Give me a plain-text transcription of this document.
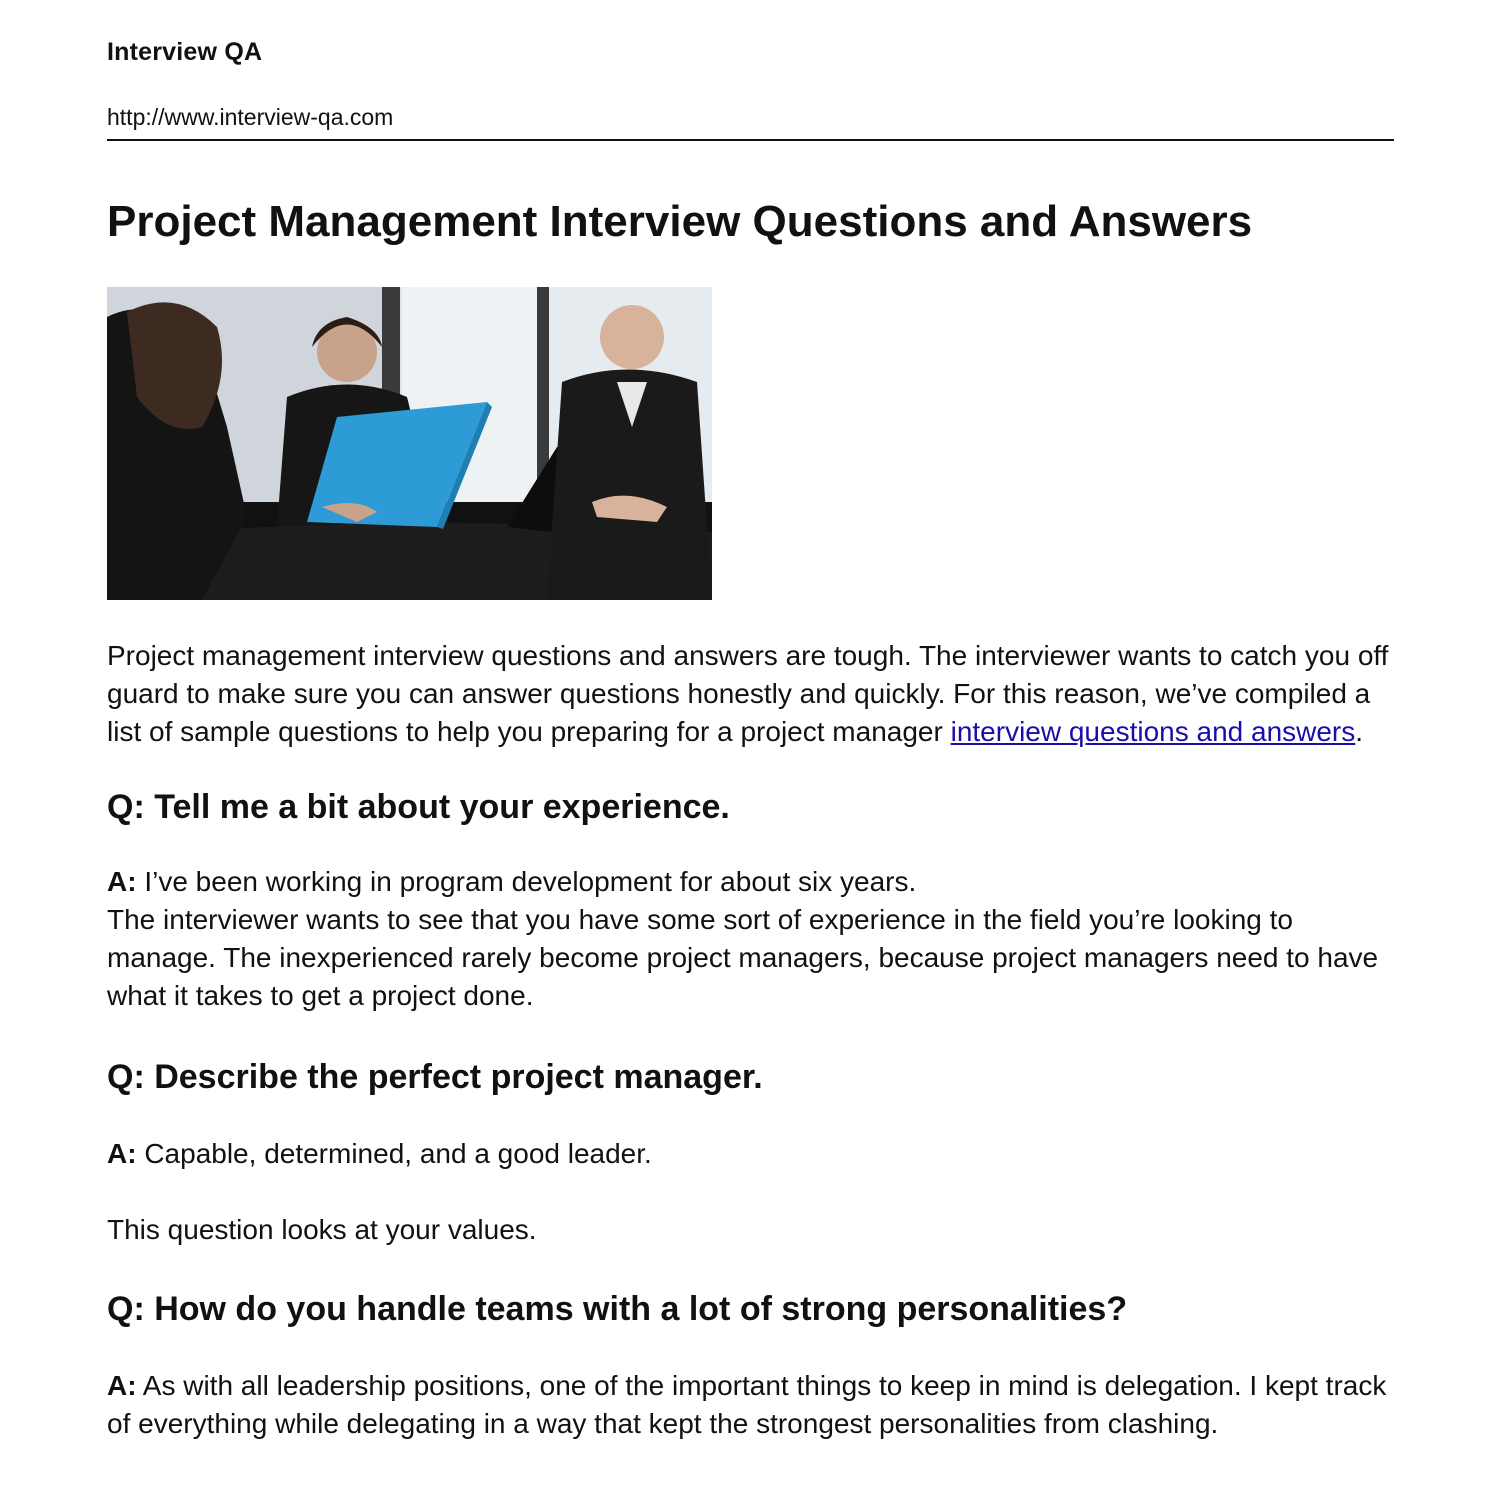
Interview QA
http://www.interview-qa.com
Project Management Interview Questions and Answers

Project management interview questions and answers are tough. The interviewer wants to catch you off guard to make sure you can answer questions honestly and quickly. For this reason, we’ve compiled a list of sample questions to help you preparing for a project manager interview questions and answers.

Q: Tell me a bit about your experience.

A: I’ve been working in program development for about six years.

The interviewer wants to see that you have some sort of experience in the field you’re looking to manage. The inexperienced rarely become project managers, because project managers need to have what it takes to get a project done.

Q: Describe the perfect project manager.

A: Capable, determined, and a good leader.

This question looks at your values.

Q: How do you handle teams with a lot of strong personalities?

A: As with all leadership positions, one of the important things to keep in mind is delegation. I kept track of everything while delegating in a way that kept the strongest personalities from clashing.
